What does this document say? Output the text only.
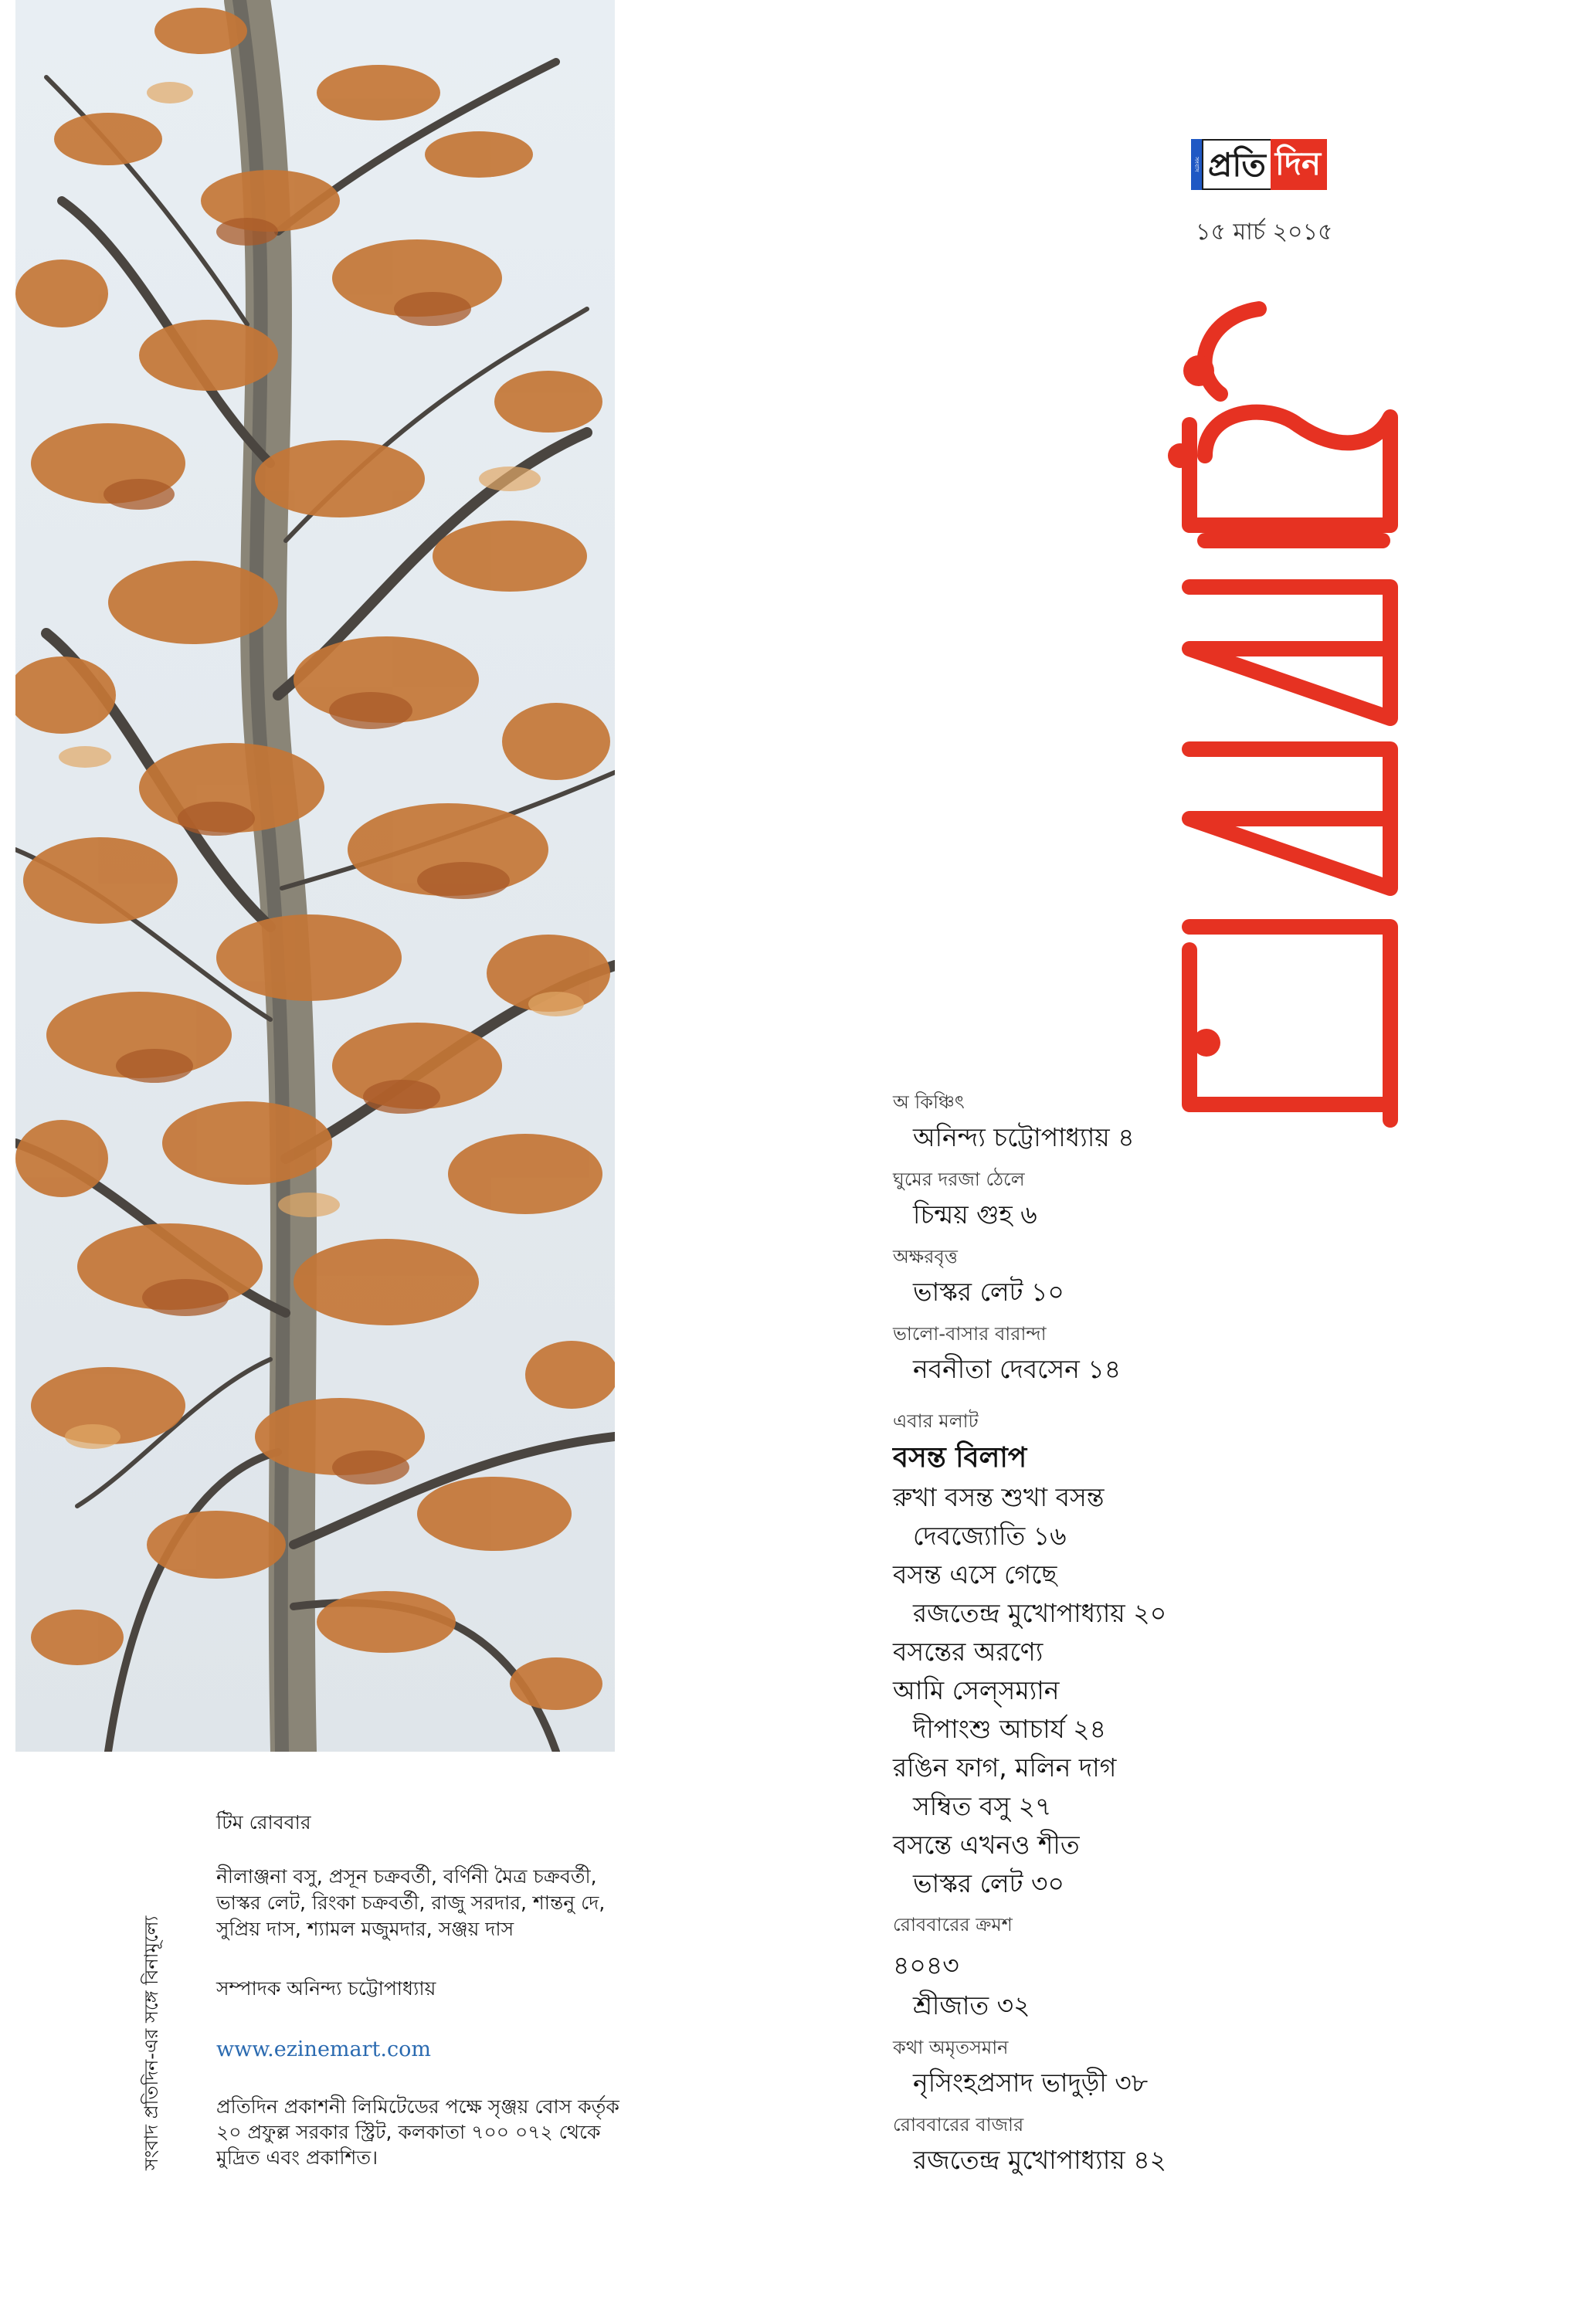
সংবাদ প্রতি দিন
১৫ মার্চ ২০১৫
অ কিঞ্চিৎ
অনিন্দ্য চট্টোপাধ্যায় ৪
ঘুমের দরজা ঠেলে
চিন্ময় গুহ ৬
অক্ষরবৃত্ত
ভাস্কর লেট ১০
ভালো-বাসার বারান্দা
নবনীতা দেবসেন ১৪
এবার মলাট
বসন্ত বিলাপ
রুখা বসন্ত শুখা বসন্ত
দেবজ্যোতি ১৬
বসন্ত এসে গেছে
রজতেন্দ্র মুখোপাধ্যায় ২০
বসন্তের অরণ্যে
আমি সেল্‌সম্যান
দীপাংশু আচার্য ২৪
রঙিন ফাগ, মলিন দাগ
সম্বিত বসু ২৭
বসন্তে এখনও শীত
ভাস্কর লেট ৩০
রোববারের ক্রমশ
৪০৪৩
শ্রীজাত ৩২
কথা অমৃতসমান
নৃসিংহপ্রসাদ ভাদুড়ী ৩৮
রোববারের বাজার
রজতেন্দ্র মুখোপাধ্যায় ৪২
সংবাদ প্রতিদিন-এর সঙ্গে বিনামূল্যে
টিম রোববার
নীলাঞ্জনা বসু, প্রসূন চক্রবর্তী, বর্ণিনী মৈত্র চক্রবর্তী,
ভাস্কর লেট, রিংকা চক্রবর্তী, রাজু সরদার, শান্তনু দে,
সুপ্রিয় দাস, শ্যামল মজুমদার, সঞ্জয় দাস
সম্পাদক অনিন্দ্য চট্টোপাধ্যায়
www.ezinemart.com
প্রতিদিন প্রকাশনী লিমিটেডের পক্ষে সৃঞ্জয় বোস কর্তৃক
২০ প্রফুল্ল সরকার স্ট্রিট, কলকাতা ৭০০ ০৭২ থেকে
মুদ্রিত এবং প্রকাশিত।
